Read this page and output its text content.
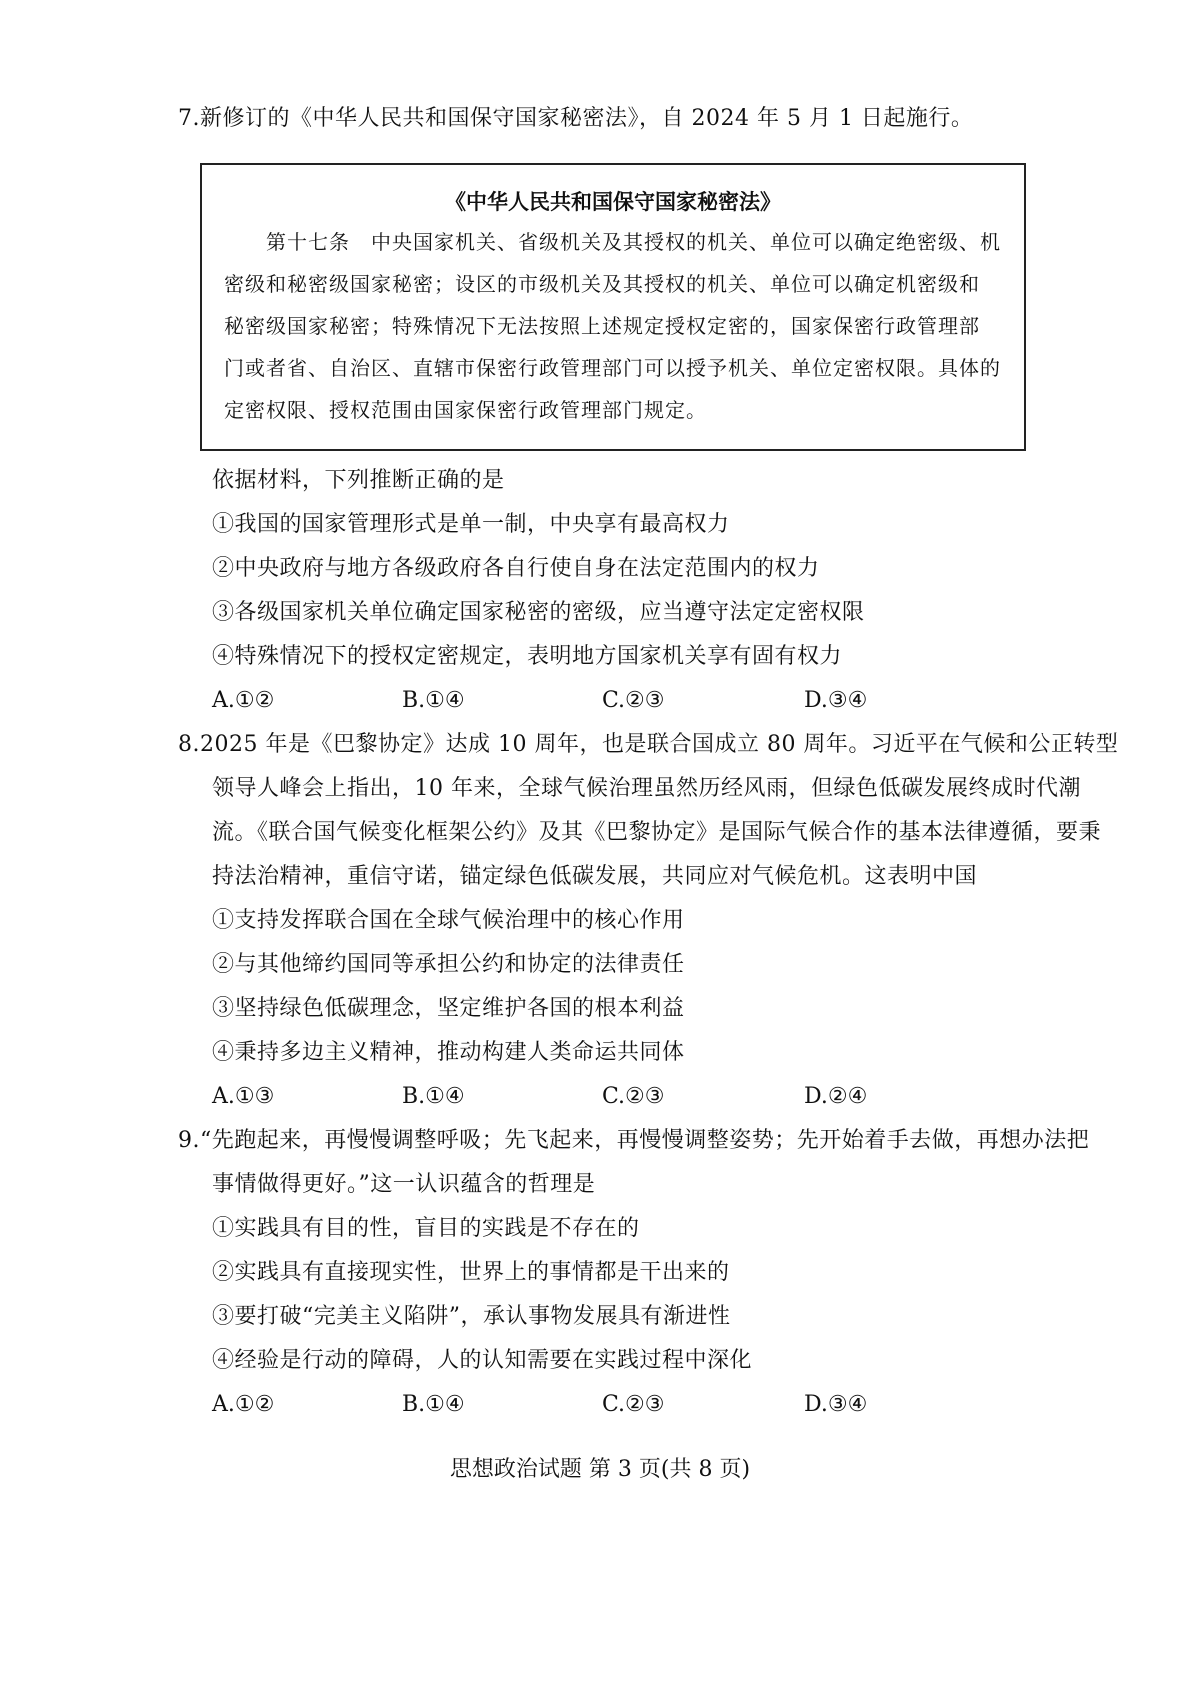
7.新修订的《中华人民共和国保守国家秘密法》，自 2024 年 5 月 1 日起施行。
《中华人民共和国保守国家秘密法》
　　第十七条　中央国家机关、省级机关及其授权的机关、单位可以确定绝密级、机
密级和秘密级国家秘密；设区的市级机关及其授权的机关、单位可以确定机密级和
秘密级国家秘密；特殊情况下无法按照上述规定授权定密的，国家保密行政管理部
门或者省、自治区、直辖市保密行政管理部门可以授予机关、单位定密权限。具体的
定密权限、授权范围由国家保密行政管理部门规定。
依据材料，下列推断正确的是
①我国的国家管理形式是单一制，中央享有最高权力
②中央政府与地方各级政府各自行使自身在法定范围内的权力
③各级国家机关单位确定国家秘密的密级，应当遵守法定定密权限
④特殊情况下的授权定密规定，表明地方国家机关享有固有权力
A.①②	B.①④	C.②③	D.③④
8.2025 年是《巴黎协定》达成 10 周年，也是联合国成立 80 周年。习近平在气候和公正转型
领导人峰会上指出，10 年来，全球气候治理虽然历经风雨，但绿色低碳发展终成时代潮
流。《联合国气候变化框架公约》及其《巴黎协定》是国际气候合作的基本法律遵循，要秉
持法治精神，重信守诺，锚定绿色低碳发展，共同应对气候危机。这表明中国
①支持发挥联合国在全球气候治理中的核心作用
②与其他缔约国同等承担公约和协定的法律责任
③坚持绿色低碳理念，坚定维护各国的根本利益
④秉持多边主义精神，推动构建人类命运共同体
A.①③	B.①④	C.②③	D.②④
9.“先跑起来，再慢慢调整呼吸；先飞起来，再慢慢调整姿势；先开始着手去做，再想办法把
事情做得更好。”这一认识蕴含的哲理是
①实践具有目的性，盲目的实践是不存在的
②实践具有直接现实性，世界上的事情都是干出来的
③要打破“完美主义陷阱”，承认事物发展具有渐进性
④经验是行动的障碍，人的认知需要在实践过程中深化
A.①②	B.①④	C.②③	D.③④
思想政治试题 第 3 页(共 8 页)
